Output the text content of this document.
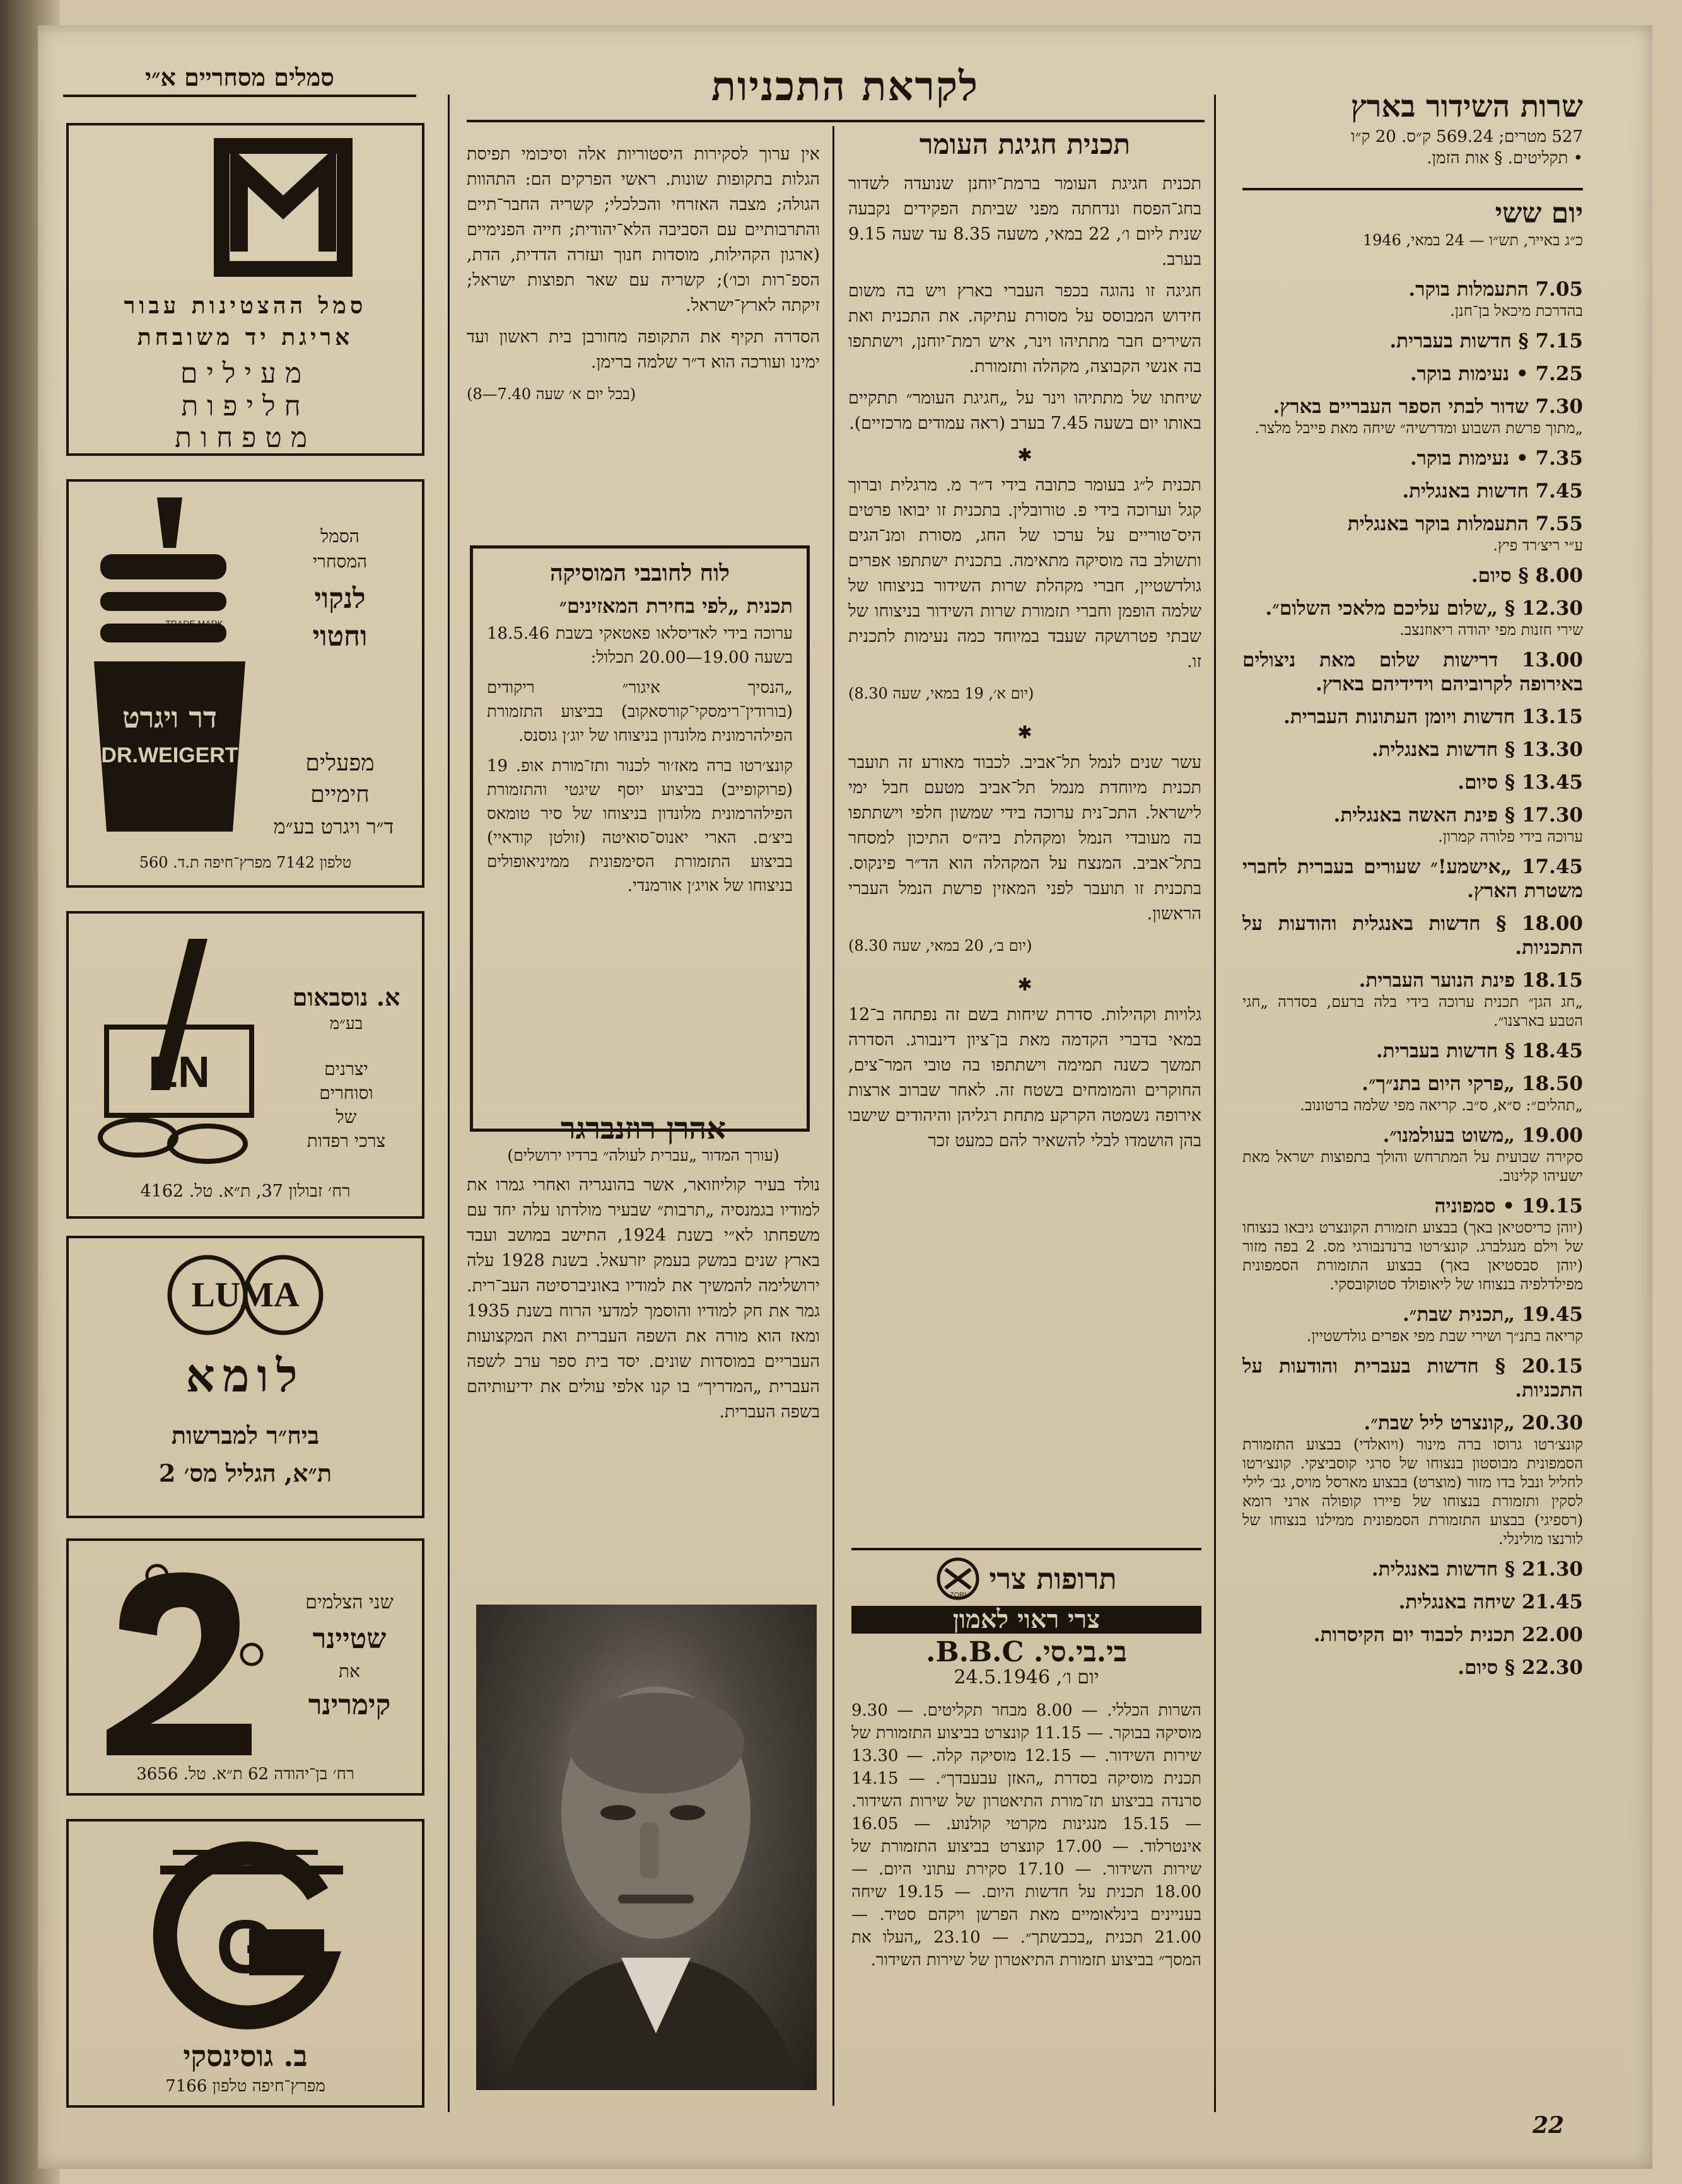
לקראת התכניות	שרות השידור בארץ
527 מטרים; 569.24 ק״ס. 20 ק״ו
• תקליטים. § אות הזמן.
יום ששי
כ״ג באייר, תש״ו — 24 במאי, 1946
7.05 התעמלות בוקר.
בהדרכת מיכאל בן־חנן.
7.15 § חדשות בעברית.
7.25 • נעימות בוקר.
7.30 שדור לבתי הספר העבריים בארץ.
„מתוך פרשת השבוע ומדרשיה״ שיחה מאת פייבל מלצר.
7.35 • נעימות בוקר.
7.45 חדשות באנגלית.
7.55 התעמלות בוקר באנגלית
ע״י ריצ׳רד פיץ.
8.00 § סיום.
12.30 § „שלום עליכם מלאכי השלום״.
שירי חזנות מפי יהודה ריאוזנצב.
13.00 דרישות שלום מאת ניצולים באירופה לקרוביהם וידידיהם בארץ.
13.15 חדשות ויומן העתונות העברית.
13.30 § חדשות באנגלית.
13.45 § סיום.
17.30 § פינת האשה באנגלית.
ערוכה בידי פלורה קמרון.
17.45 „אישמע!״ שעורים בעברית לחברי משטרת הארץ.
18.00 § חדשות באנגלית והודעות על התכניות.
18.15 פינת הנוער העברית.
„חג הגן״ תכנית ערוכה בידי בלה ברעם, בסדרה „חגי הטבע בארצנו״.
18.45 § חדשות בעברית.
18.50 „פרקי היום בתנ״ך״.
„תהלים״: ס״א, ס״ב. קריאה מפי שלמה ברטונוב.
19.00 „משוט בעולמנו״.
סקירה שבועית על המתרחש והולך בתפוצות ישראל מאת ישעיהו קלינוב.
19.15 • סמפוניה
(יוהן כריסטיאן באך) בבצוע תזמורת הקונצרט גיבאו בנצוחו של וילם מנגלברג. קונצ׳רטו ברנדנבורגי מס. 2 בפה מזור (יוהן סבסטיאן באך) בבצוע התזמורת הסמפונית מפילדלפיה בנצוחו של ליאופולד סטוקובסקי.
19.45 „תכנית שבת״.
קריאה בתנ״ך ושירי שבת מפי אפרים גולדשטיין.
20.15 § חדשות בעברית והודעות על התכניות.
20.30 „קונצרט ליל שבת״.
קונצ׳רטו גרוסו ברה מינור (ויואלדי) בבצוע התזמורת הסמפונית מבוסטון בנצוחו של סרגי קוסביצקי. קונצ׳רטו לחליל ונבל בדו מזור (מוצרט) בבצוע מארסל מויס, גב׳ לילי לסקין ותזמורת בנצוחו של פיירו קופולה ארני רומא (רספיגי) בבצוע התזמורת הסמפונית ממילנו בנצוחו של לורנצו מולינלי.
21.30 § חדשות באנגלית.
21.45 שיחה באנגלית.
22.00 תכנית לכבוד יום הקיסרות.
22.30 § סיום.
תכנית חגיגת העומר

תכנית חגיגת העומר ברמת־יוחנן שנועדה לשדור בחג־הפסח ונדחתה מפני שביתת הפקידים נקבעה שנית ליום ו׳, 22 במאי, משעה 8.35 עד שעה 9.15 בערב.

חגיגה זו נהוגה בכפר העברי בארץ ויש בה משום חידוש המבוסס על מסורת עתיקה. את התכנית ואת השירים חבר מתתיהו וינר, איש רמת־יוחנן, וישתתפו בה אנשי הקבוצה, מקהלה ותזמורת.

שיחתו של מתתיהו וינר על „חגיגת העומר״ תתקיים באותו יום בשעה 7.45 בערב (ראה עמודים מרכזיים).

✱

תכנית ל״ג בעומר כתובה בידי ד״ר מ. מרגלית וברוך קגל וערוכה בידי פ. טורובלין. בתכנית זו יבואו פרטים היס־טוריים על ערכו של החג, מסורת ומנ־הגים ותשולב בה מוסיקה מתאימה. בתכנית ישתתפו אפרים גולדשטיין, חברי מקהלת שרות השידור בניצוחו של שלמה הופמן וחברי תזמורת שרות השידור בניצוחו של שבתי פטרושקה שעבד במיוחד כמה נעימות לתכנית זו.

(יום א׳, 19 במאי, שעה 8.30)
✱

עשר שנים לנמל תל־אביב. לכבוד מאורע זה תועבר תכנית מיוחדת מנמל תל־אביב מטעם חבל ימי לישראל. התכ־נית ערוכה בידי שמשון חלפי וישתתפו בה מעובדי הנמל ומקהלת ביה״ס התיכון למסחר בתל־אביב. המנצח על המקהלה הוא הד״ר פינקוס. בתכנית זו תועבר לפני המאזין פרשת הנמל העברי הראשון.

(יום ב׳, 20 במאי, שעה 8.30)
✱

גלויות וקהילות. סדרת שיחות בשם זה נפתחה ב־12 במאי בדברי הקדמה מאת בן־ציון דינבורג. הסדרה תמשך כשנה תמימה וישתתפו בה טובי המר־צים, החוקרים והמומחים בשטח זה. לאחר שברוב ארצות אירופה נשמטה הקרקע מתחת רגליהן והיהודים שישבו בהן הושמדו לבלי להשאיר להם כמעט זכר

אין ערוך לסקירות היסטוריות אלה וסיכומי תפיסת הגלות בתקופות שונות. ראשי הפרקים הם: התהוות הגולה; מצבה האזרחי והכלכלי; קשריה החבר־תיים והתרבותיים עם הסביבה הלא־יהודית; חייה הפנימיים (ארגון הקהילות, מוסדות חנוך ועזרה הדדית, הדת, הספ־רות וכו׳); קשריה עם שאר תפוצות ישראל; זיקתה לארץ־ישראל.

הסדרה תקיף את התקופה מחורבן בית ראשון ועד ימינו ועורכה הוא ד״ר שלמה ברימן.

(בכל יום א׳ שעה 7.40—8)
לוח לחובבי המוסיקה
תכנית „לפי בחירת המאזינים״

ערוכה בידי לאדיסלאו פאטאקי בשבת 18.5.46 בשעה 19.00—20.00 תכלול:

„הנסיך איגור״ ריקודים (בורודין־רימסקי־קורסאקוב) בביצוע התזמורת הפילהרמונית מלונדון בניצוחו של יוג׳ן גוסנס.

קונצ׳רטו ברה מאז׳ור לכנור ותז־מורת אופ. 19 (פרוקופייב) בביצוע יוסף שיגטי והתזמורת הפילהרמונית מלונדון בניצוחו של סיר טומאס ביצ׳ם. הארי יאנוס־סואיטה (זולטן קודאיי) בביצוע התזמורת הסימפונית ממיניאופולים בניצוחו של אויג׳ן אורמנדי.

אהרן רוזנברגר
(עורך המדור „עברית לעולה״ ברדיו ירושלים)

נולד בעיר קוליוזואר, אשר בהונגריה ואחרי גמרו את למודיו בגמנסיה „תרבות״ שבעיר מולדתו עלה יחד עם משפחתו לא״י בשנת 1924, התישב במושב ועבד בארץ שנים במשק בעמק יזרעאל. בשנת 1928 עלה ירושלימה להמשיך את למודיו באוניברסיטה העב־רית. גמר את חק למודיו והוסמך למדעי הרוח בשנת 1935 ומאז הוא מורה את השפה העברית ואת המקצועות העבריים במוסדות שונים. יסד בית ספר ערב לשפה העברית „המדריך״ בו קנו אלפי עולים את ידיעותיהם בשפה העברית.

תרופות צרי
ZORI
צרי ראוי לאמון
בי.בי.סי. B.B.C.
יום ו׳, 24.5.1946

השרות הכללי. — 8.00 מבחר תקליטים. — 9.30 מוסיקה בבוקר. — 11.15 קונצרט בביצוע התזמורת של שירות השידור. — 12.15 מוסיקה קלה. — 13.30 תכנית מוסיקה בסדרת „האזן עבעבדך״. — 14.15 סרנדה בביצוע תז־מורת התיאטרון של שירות השידור. — 15.15 מנגינות מקרטי קולנוע. — 16.05 אינטרלוד. — 17.00 קונצרט בביצוע התזמורת של שירות השידור. — 17.10 סקירת עתוני היום. — 18.00 תכנית על חדשות היום. — 19.15 שיחה בעניינים בינלאומיים מאת הפרשן ויקהם סטיד. — 21.00 תכנית „בכבשתך״. — 23.10 „העלו את המסך״ בביצוע תזמורת התיאטרון של שירות השידור.

סמלים מסחריים א״י
סמל ההצטינות עבור
אריגת יד משובחת
מעילים
חליפות
מטפחות
דר ויגרט
DR.WEIGERT
TRADE MARK
הסמל
המסחרי
לנקוי
וחטוי
מפעלים
חימיים
ד״ר ויגרט בע״מ
טלפון 7142 מפרץ־חיפה ת.ד. 560
EN
א. נוסבאום
בע״מ
יצרנים
וסוחרים
של
צרכי רפדות
רח׳ זבולון 37, ת״א. טל. 4162
LUMA
לומא
ביח״ר למברשות
ת״א, הגליל מס׳ 2
2	שני הצלמים
שטיינר
את
קימרינר
רח׳ בן־יהודה 62 ת״א. טל. 3656
G
ב. גוסינסקי
מפרץ־חיפה טלפון 7166
22
